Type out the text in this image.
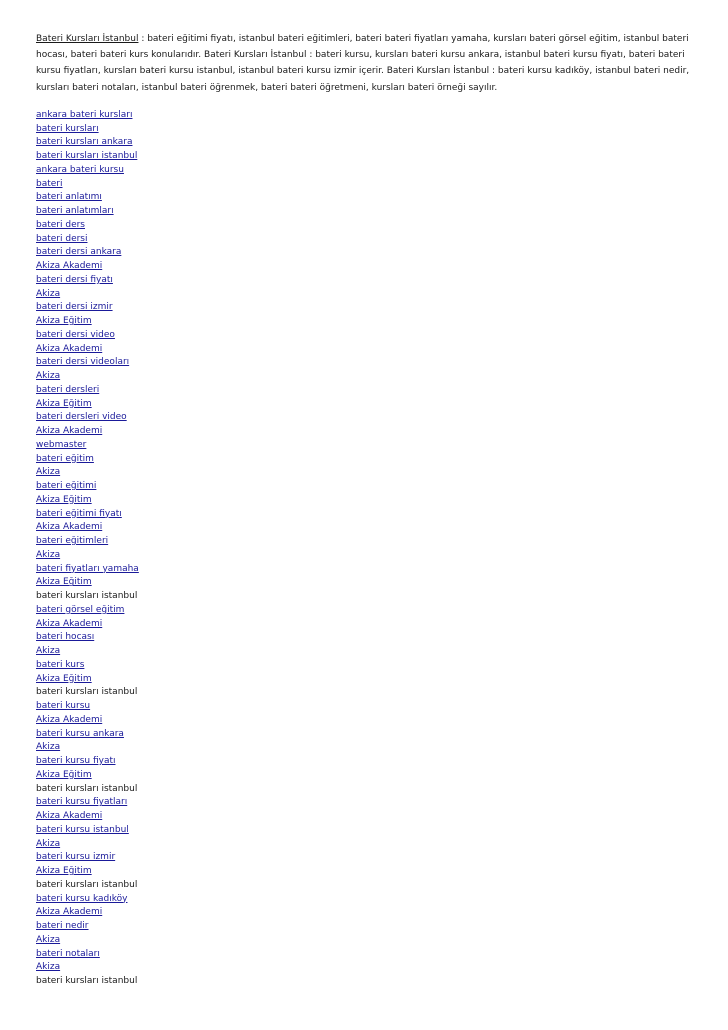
Bateri Kursları İstanbul : bateri eğitimi fiyatı, istanbul bateri eğitimleri, bateri bateri fiyatları yamaha, kursları bateri görsel eğitim, istanbul bateri hocası, bateri bateri kurs konularıdır. Bateri Kursları İstanbul : bateri kursu, kursları bateri kursu ankara, istanbul bateri kursu fiyatı, bateri bateri kursu fiyatları, kursları bateri kursu istanbul, istanbul bateri kursu izmir içerir. Bateri Kursları İstanbul : bateri kursu kadıköy, istanbul bateri nedir, kursları bateri notaları, istanbul bateri öğrenmek, bateri bateri öğretmeni, kursları bateri örneği sayılır.

ankara bateri kursları
bateri kursları
bateri kursları ankara
bateri kursları istanbul
ankara bateri kursu
bateri
bateri anlatımı
bateri anlatımları
bateri ders
bateri dersi
bateri dersi ankara
Akiza Akademi
bateri dersi fiyatı
Akiza
bateri dersi izmir
Akiza Eğitim
bateri dersi video
Akiza Akademi
bateri dersi videoları
Akiza
bateri dersleri
Akiza Eğitim
bateri dersleri video
Akiza Akademi
webmaster
bateri eğitim
Akiza
bateri eğitimi
Akiza Eğitim
bateri eğitimi fiyatı
Akiza Akademi
bateri eğitimleri
Akiza
bateri fiyatları yamaha
Akiza Eğitim
bateri kursları istanbul
bateri görsel eğitim
Akiza Akademi
bateri hocası
Akiza
bateri kurs
Akiza Eğitim
bateri kursları istanbul
bateri kursu
Akiza Akademi
bateri kursu ankara
Akiza
bateri kursu fiyatı
Akiza Eğitim
bateri kursları istanbul
bateri kursu fiyatları
Akiza Akademi
bateri kursu istanbul
Akiza
bateri kursu izmir
Akiza Eğitim
bateri kursları istanbul
bateri kursu kadıköy
Akiza Akademi
bateri nedir
Akiza
bateri notaları
Akiza
bateri kursları istanbul
